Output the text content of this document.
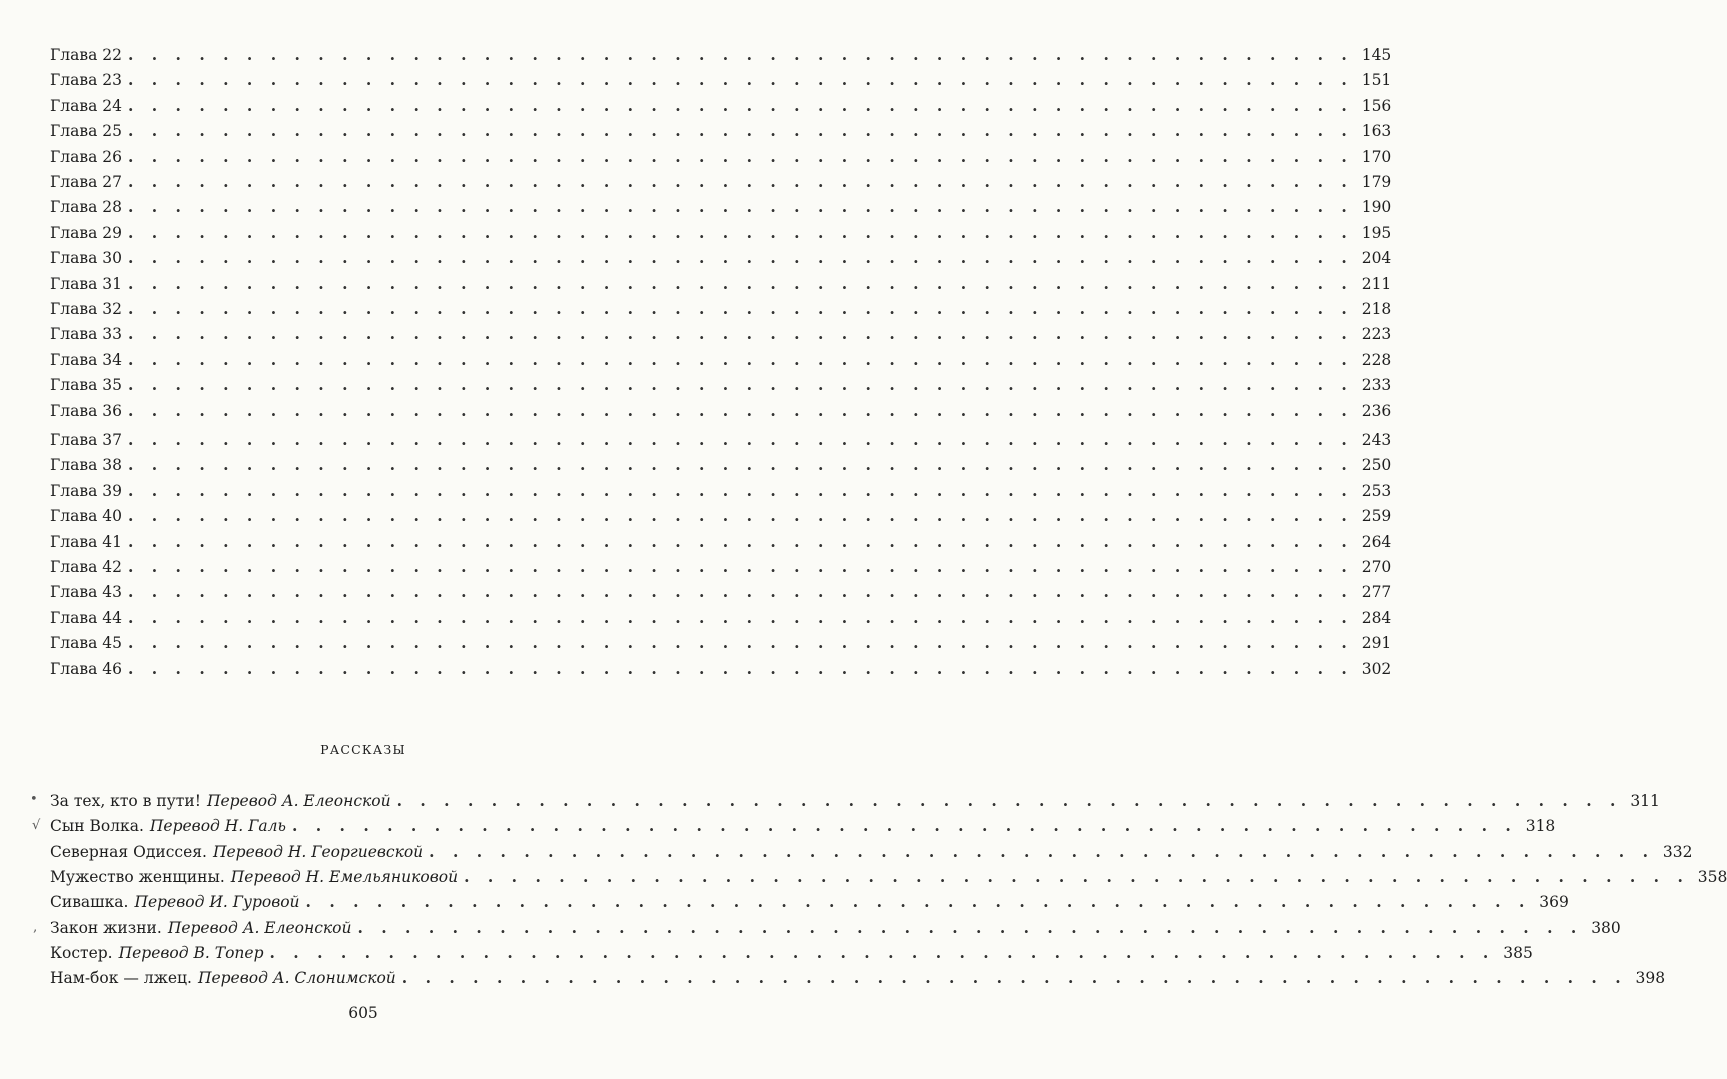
Глава 22 . . . . . . . . . . . . . . . . . . . . . . . . . . . . . . . . . . . . . . . . . . . . . . . . . . . . 145
Глава 23 . . . . . . . . . . . . . . . . . . . . . . . . . . . . . . . . . . . . . . . . . . . . . . . . . . . . 151
Глава 24 . . . . . . . . . . . . . . . . . . . . . . . . . . . . . . . . . . . . . . . . . . . . . . . . . . . . 156
Глава 25 . . . . . . . . . . . . . . . . . . . . . . . . . . . . . . . . . . . . . . . . . . . . . . . . . . . . 163
Глава 26 . . . . . . . . . . . . . . . . . . . . . . . . . . . . . . . . . . . . . . . . . . . . . . . . . . . . 170
Глава 27 . . . . . . . . . . . . . . . . . . . . . . . . . . . . . . . . . . . . . . . . . . . . . . . . . . . . 179
Глава 28 . . . . . . . . . . . . . . . . . . . . . . . . . . . . . . . . . . . . . . . . . . . . . . . . . . . . 190
Глава 29 . . . . . . . . . . . . . . . . . . . . . . . . . . . . . . . . . . . . . . . . . . . . . . . . . . . . 195
Глава 30 . . . . . . . . . . . . . . . . . . . . . . . . . . . . . . . . . . . . . . . . . . . . . . . . . . . . 204
Глава 31 . . . . . . . . . . . . . . . . . . . . . . . . . . . . . . . . . . . . . . . . . . . . . . . . . . . . 211
Глава 32 . . . . . . . . . . . . . . . . . . . . . . . . . . . . . . . . . . . . . . . . . . . . . . . . . . . . 218
Глава 33 . . . . . . . . . . . . . . . . . . . . . . . . . . . . . . . . . . . . . . . . . . . . . . . . . . . . 223
Глава 34 . . . . . . . . . . . . . . . . . . . . . . . . . . . . . . . . . . . . . . . . . . . . . . . . . . . . 228
Глава 35 . . . . . . . . . . . . . . . . . . . . . . . . . . . . . . . . . . . . . . . . . . . . . . . . . . . . 233
Глава 36 . . . . . . . . . . . . . . . . . . . . . . . . . . . . . . . . . . . . . . . . . . . . . . . . . . . . 236
Глава 37 . . . . . . . . . . . . . . . . . . . . . . . . . . . . . . . . . . . . . . . . . . . . . . . . . . . . 243
Глава 38 . . . . . . . . . . . . . . . . . . . . . . . . . . . . . . . . . . . . . . . . . . . . . . . . . . . . 250
Глава 39 . . . . . . . . . . . . . . . . . . . . . . . . . . . . . . . . . . . . . . . . . . . . . . . . . . . . 253
Глава 40 . . . . . . . . . . . . . . . . . . . . . . . . . . . . . . . . . . . . . . . . . . . . . . . . . . . . 259
Глава 41 . . . . . . . . . . . . . . . . . . . . . . . . . . . . . . . . . . . . . . . . . . . . . . . . . . . . 264
Глава 42 . . . . . . . . . . . . . . . . . . . . . . . . . . . . . . . . . . . . . . . . . . . . . . . . . . . . 270
Глава 43 . . . . . . . . . . . . . . . . . . . . . . . . . . . . . . . . . . . . . . . . . . . . . . . . . . . . 277
Глава 44 . . . . . . . . . . . . . . . . . . . . . . . . . . . . . . . . . . . . . . . . . . . . . . . . . . . . 284
Глава 45 . . . . . . . . . . . . . . . . . . . . . . . . . . . . . . . . . . . . . . . . . . . . . . . . . . . . 291
Глава 46 . . . . . . . . . . . . . . . . . . . . . . . . . . . . . . . . . . . . . . . . . . . . . . . . . . . . 302
РАССКАЗЫ
За тех, кто в пути! Перевод А. Елеонской . . . . . . . . . . . . . . . . . . . . . . . . . . . . . . . . . . . . . . . . . . . . . . . . . . . . 311
Сын Волка. Перевод Н. Галь . . . . . . . . . . . . . . . . . . . . . . . . . . . . . . . . . . . . . . . . . . . . . . . . . . . . 318
Северная Одиссея. Перевод Н. Георгиевской . . . . . . . . . . . . . . . . . . . . . . . . . . . . . . . . . . . . . . . . . . . . . . . . . . . . 332
Мужество женщины. Перевод Н. Емельяниковой . . . . . . . . . . . . . . . . . . . . . . . . . . . . . . . . . . . . . . . . . . . . . . . . . . . . 358
Сивашка. Перевод И. Гуровой . . . . . . . . . . . . . . . . . . . . . . . . . . . . . . . . . . . . . . . . . . . . . . . . . . . . 369
Закон жизни. Перевод А. Елеонской . . . . . . . . . . . . . . . . . . . . . . . . . . . . . . . . . . . . . . . . . . . . . . . . . . . . 380
Костер. Перевод В. Топер . . . . . . . . . . . . . . . . . . . . . . . . . . . . . . . . . . . . . . . . . . . . . . . . . . . . 385
Нам-бок — лжец. Перевод А. Слонимской . . . . . . . . . . . . . . . . . . . . . . . . . . . . . . . . . . . . . . . . . . . . . . . . . . . . 398
605
•
√
‚
